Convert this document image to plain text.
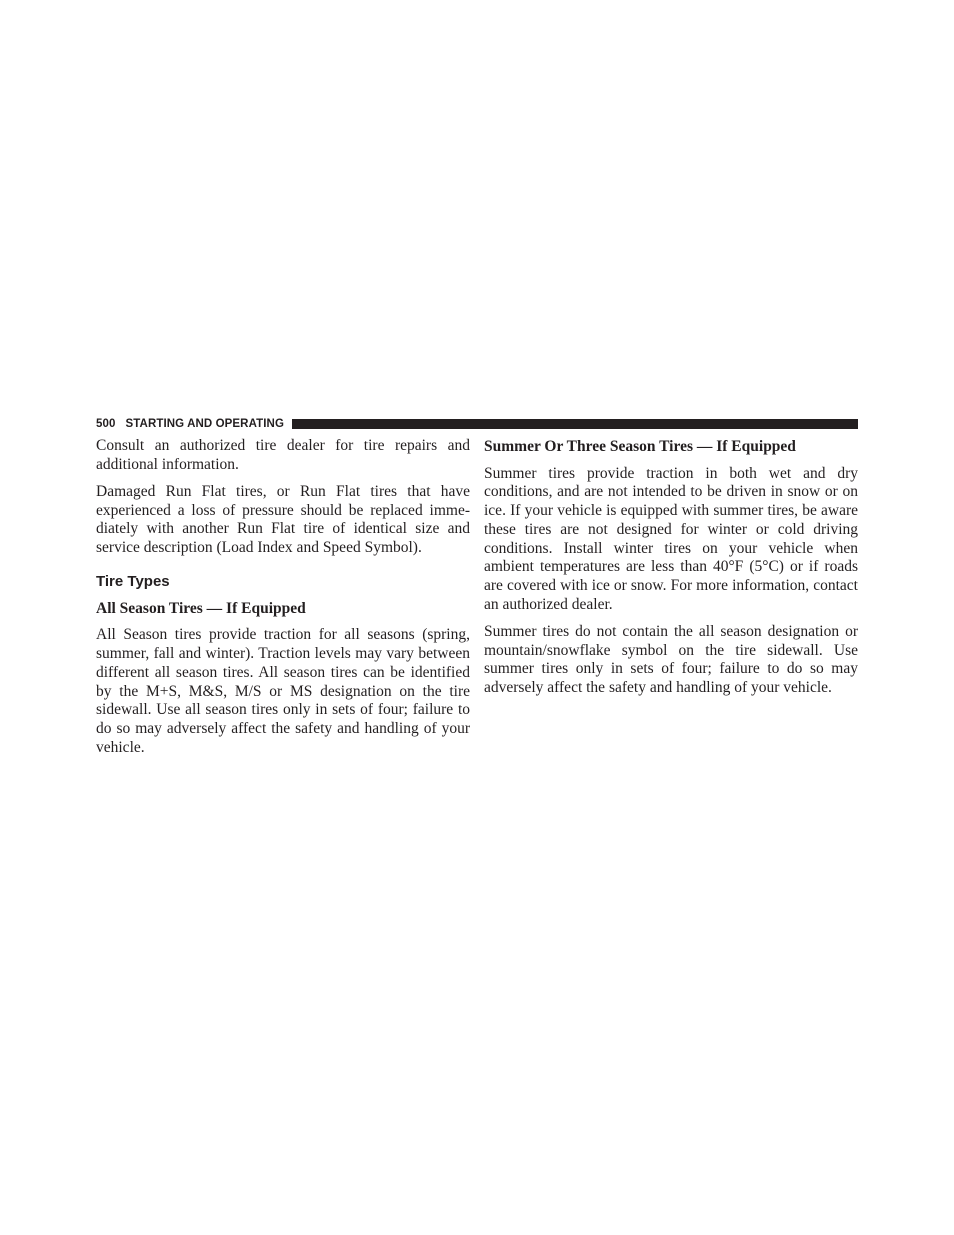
500 STARTING AND OPERATING

Consult an authorized tire dealer for tire repairs and additional information.

Damaged Run Flat tires, or Run Flat tires that have experienced a loss of pressure should be replaced immediately with another Run Flat tire of identical size and service description (Load Index and Speed Symbol).

Tire Types
All Season Tires — If Equipped

All Season tires provide traction for all seasons (spring, summer, fall and winter). Traction levels may vary between different all season tires. All season tires can be identified by the M+S, M&S, M/S or MS designation on the tire sidewall. Use all season tires only in sets of four; failure to do so may adversely affect the safety and handling of your vehicle.

Summer Or Three Season Tires — If Equipped

Summer tires provide traction in both wet and dry conditions, and are not intended to be driven in snow or on ice. If your vehicle is equipped with summer tires, be aware these tires are not designed for winter or cold driving conditions. Install winter tires on your vehicle when ambient temperatures are less than 40°F (5°C) or if roads are covered with ice or snow. For more information, contact an authorized dealer.

Summer tires do not contain the all season designation or mountain/snowflake symbol on the tire sidewall. Use summer tires only in sets of four; failure to do so may adversely affect the safety and handling of your vehicle.
